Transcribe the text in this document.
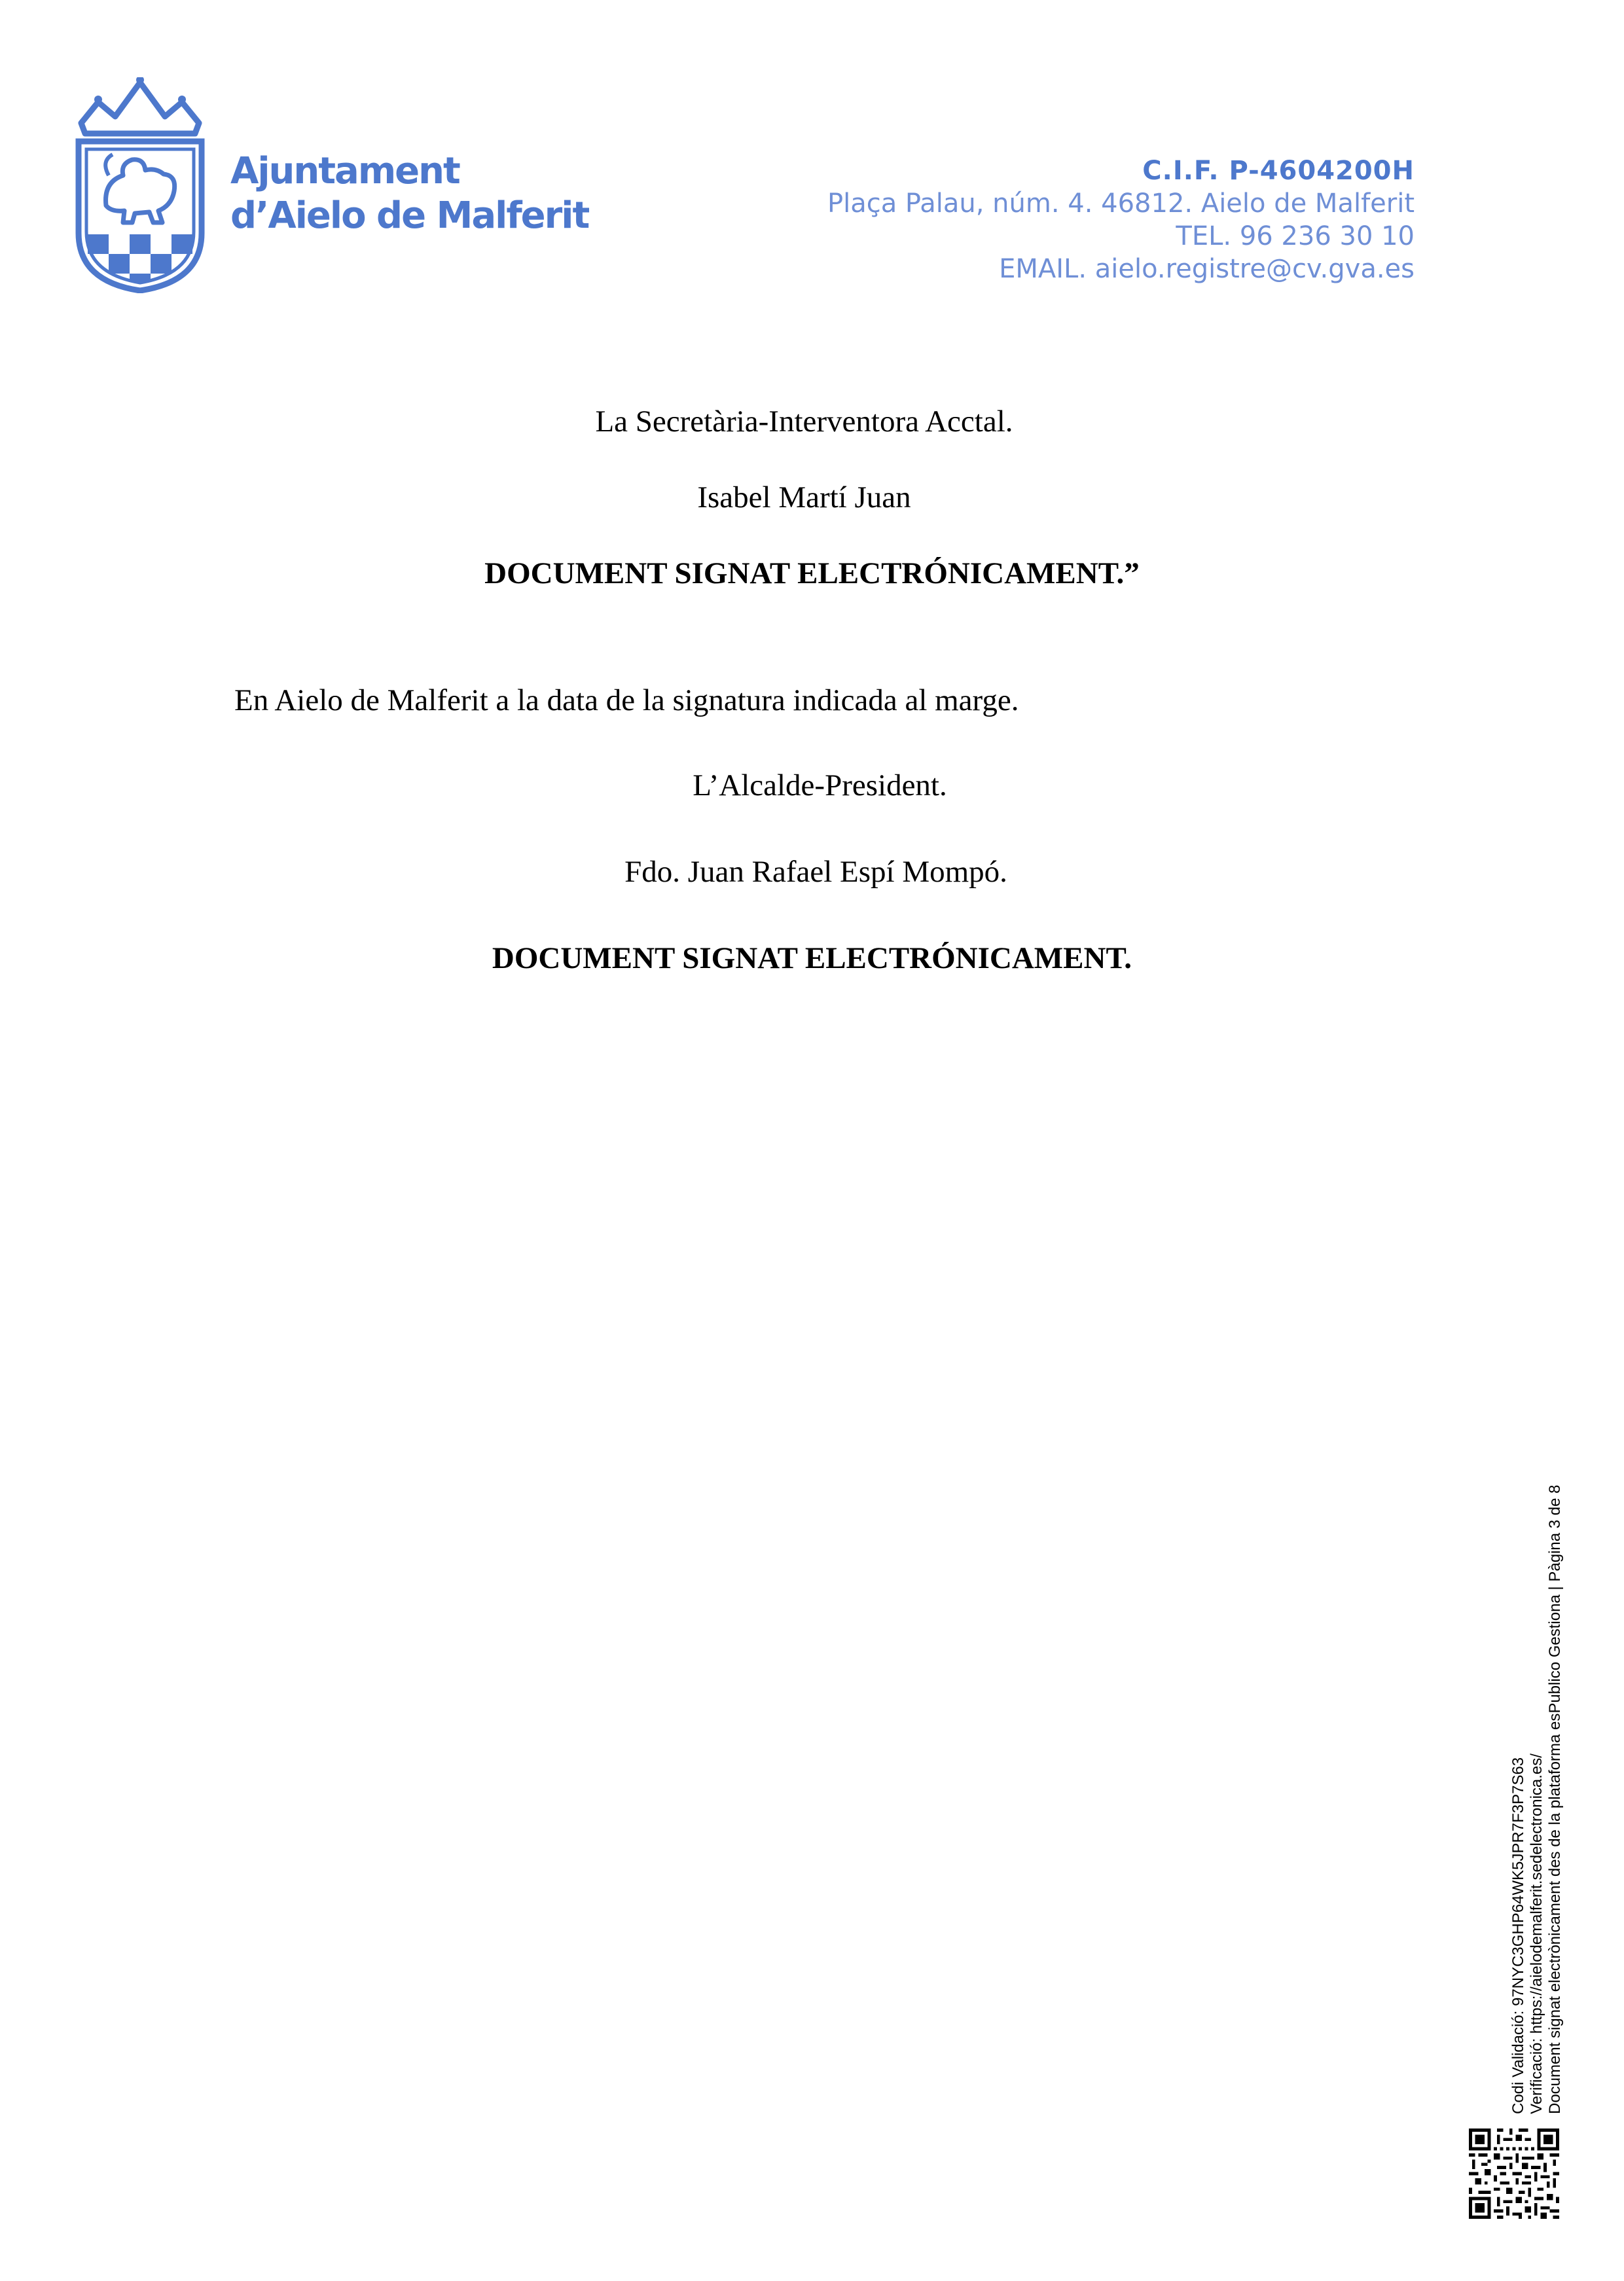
Ajuntament
d’Aielo de Malferit
C.I.F. P-4604200H
Plaça Palau, núm. 4. 46812. Aielo de Malferit
TEL. 96 236 30 10
EMAIL. aielo.registre@cv.gva.es
La Secretària-Interventora Acctal.
Isabel Martí Juan
DOCUMENT SIGNAT ELECTRÓNICAMENT.”
En Aielo de Malferit a la data de la signatura indicada al marge.
L’Alcalde-President.
Fdo. Juan Rafael Espí Mompó.
DOCUMENT SIGNAT ELECTRÓNICAMENT.
Codi Validació: 97NYC3GHP64WK5JPR7F3P7S63 Verificació: https://aielodemalferit.sedelectronica.es/ Document signat electrònicament des de la plataforma esPublico Gestiona | Pàgina 3 de 8
